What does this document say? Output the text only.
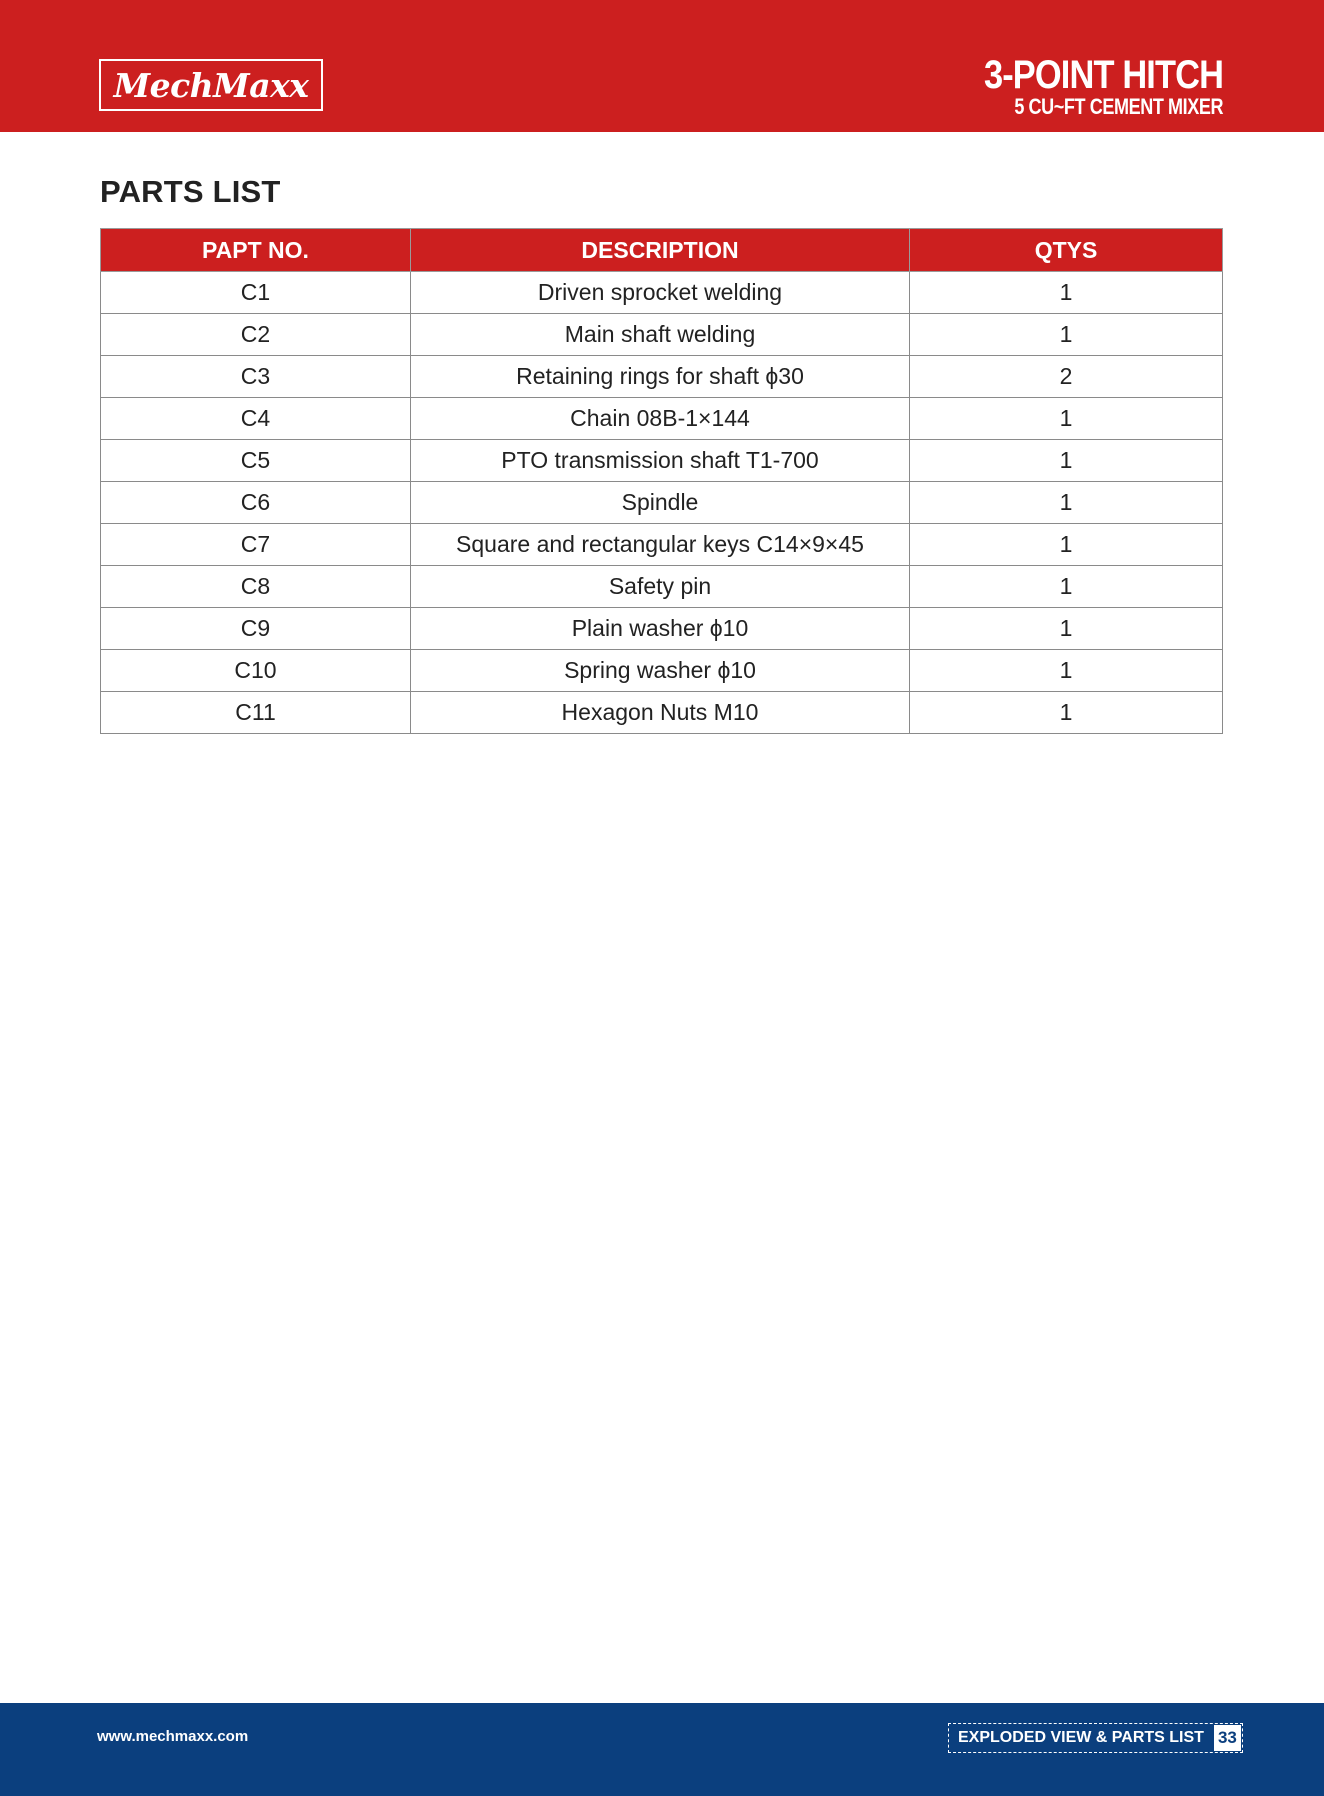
MechMaxx	3-POINT HITCH
5 CU~FT CEMENT MIXER
PARTS LIST
PAPT NO.	DESCRIPTION	QTYS
C1	Driven sprocket welding	1
C2	Main shaft welding	1
C3	Retaining rings for shaft ϕ30	2
C4	Chain 08B-1×144	1
C5	PTO transmission shaft T1-700	1
C6	Spindle	1
C7	Square and rectangular keys C14×9×45	1
C8	Safety pin	1
C9	Plain washer ϕ10	1
C10	Spring washer ϕ10	1
C11	Hexagon Nuts M10	1
www.mechmaxx.com	EXPLODED VIEW & PARTS LIST 33
